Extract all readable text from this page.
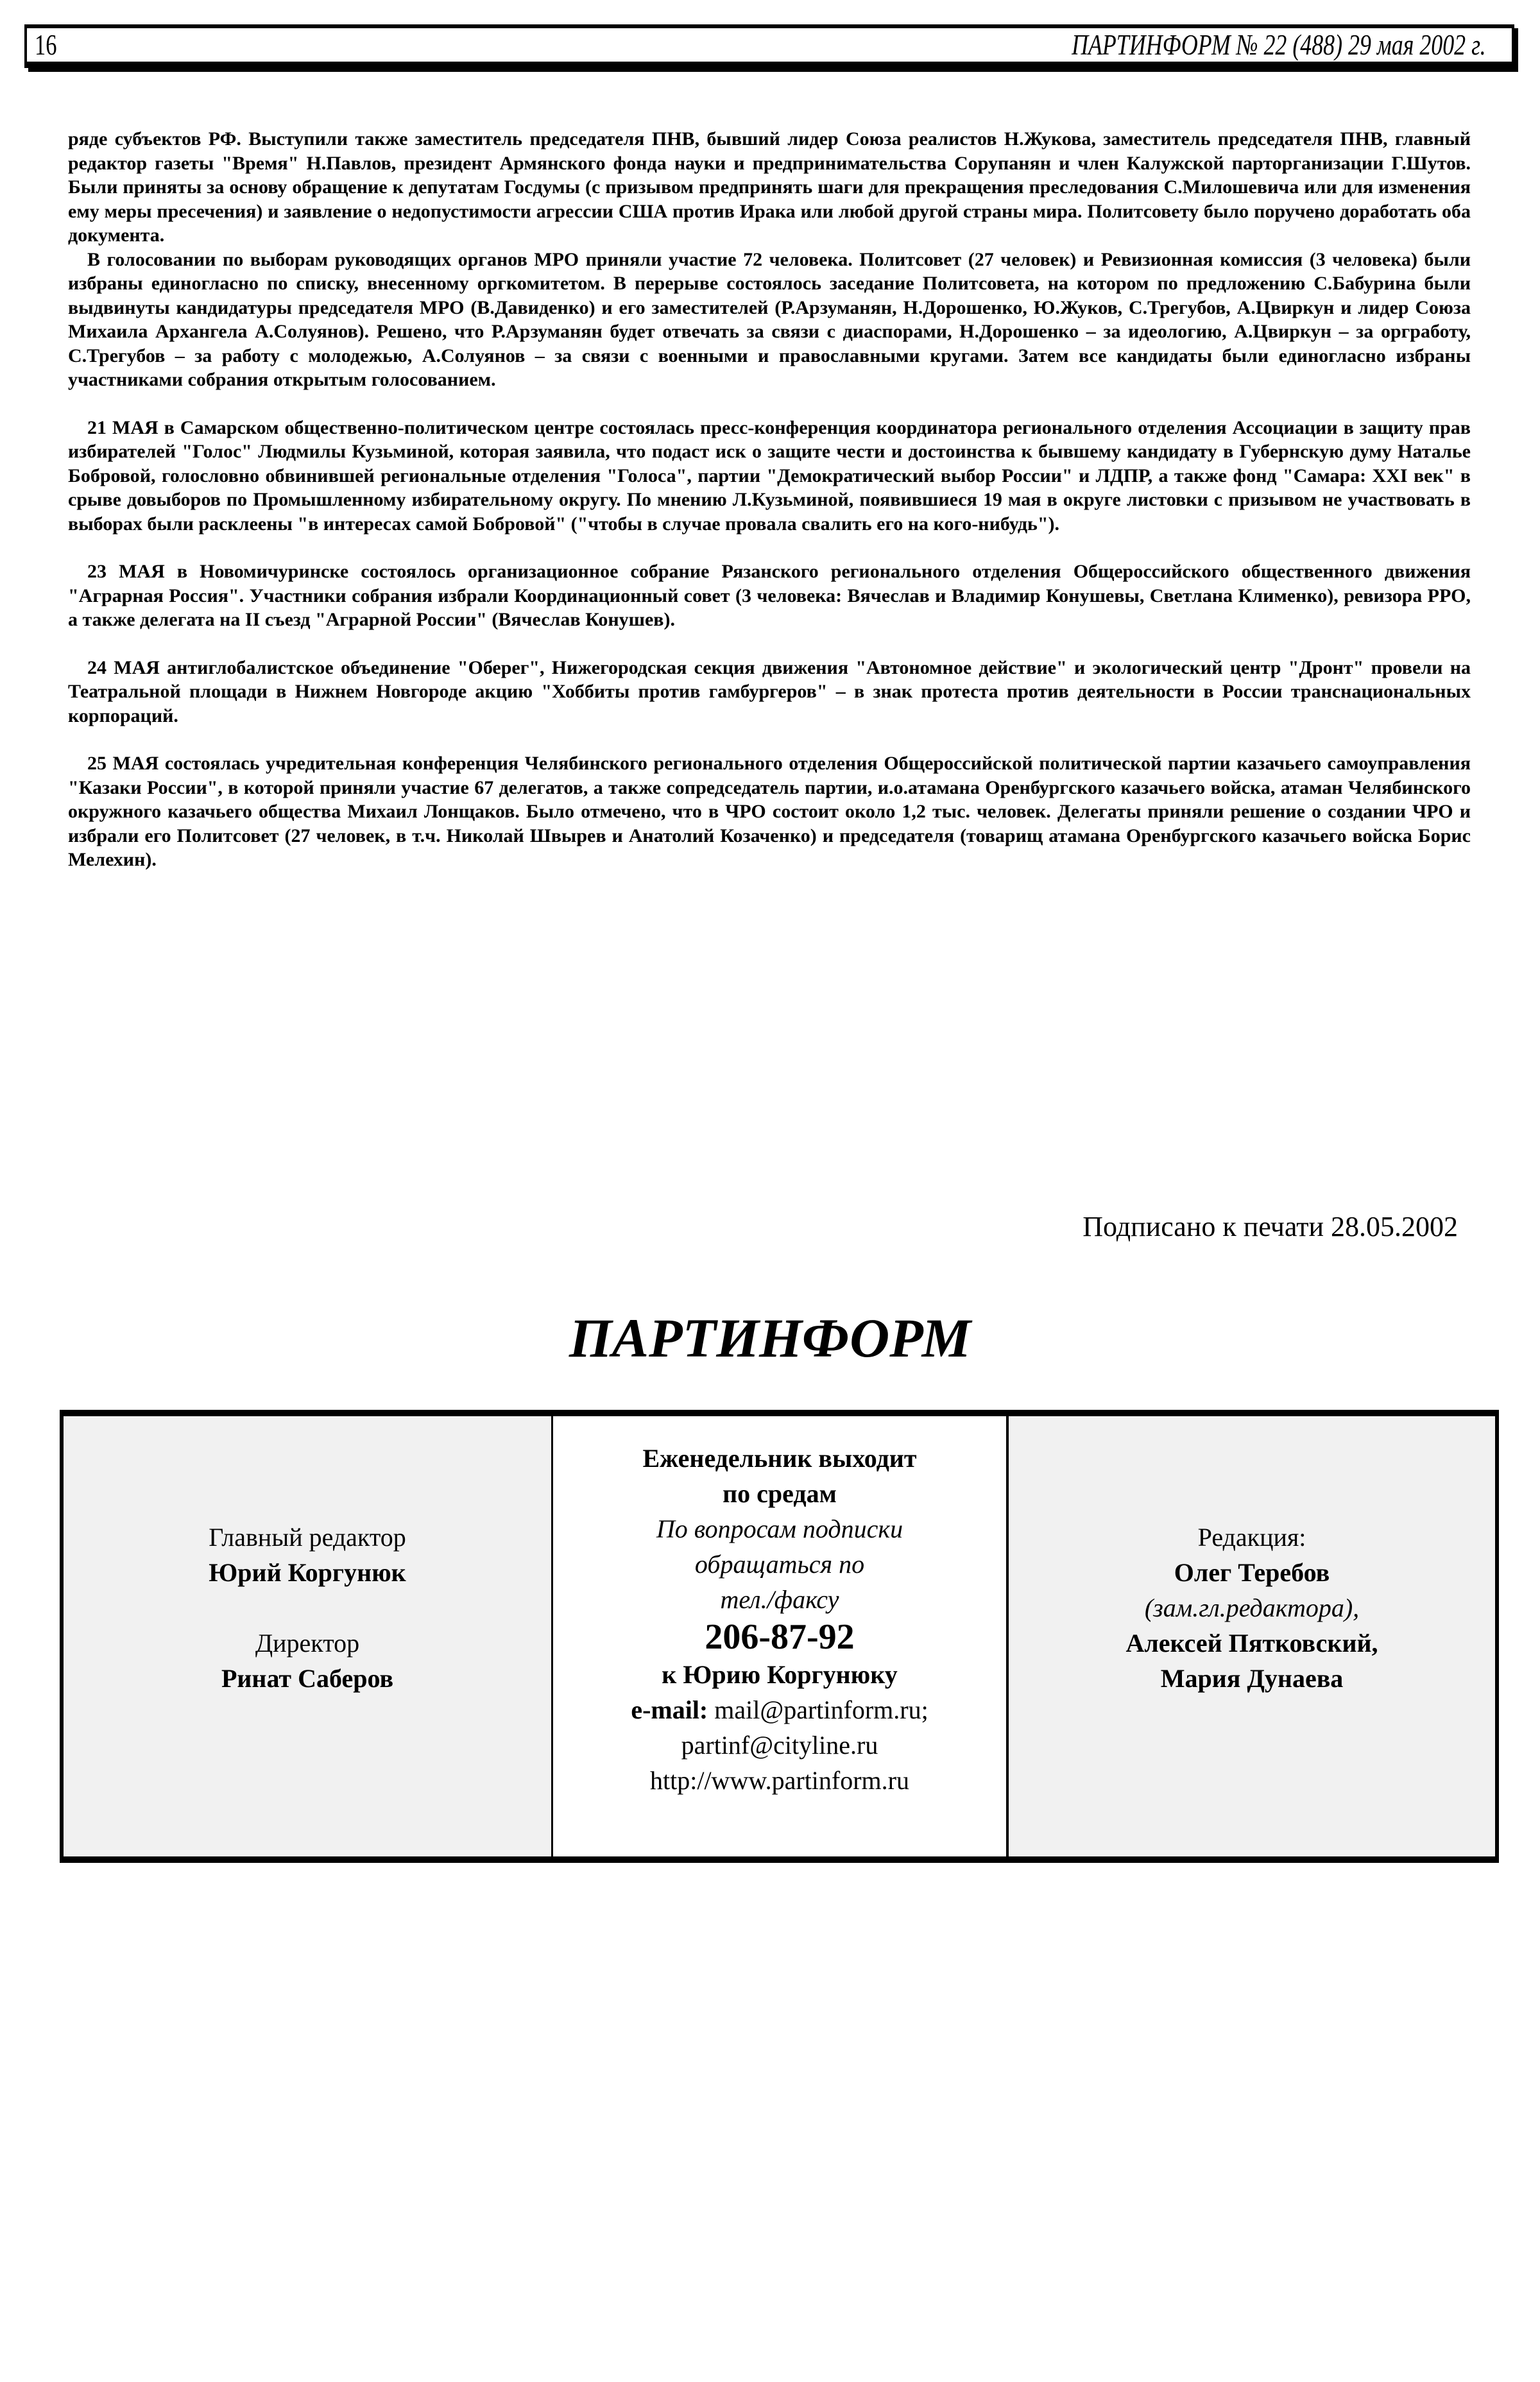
16	ПАРТИНФОРМ № 22 (488) 29 мая 2002 г.

ряде субъектов РФ. Выступили также заместитель председателя ПНВ, бывший лидер Союза реалистов Н.Жукова, заместитель председателя ПНВ, главный редактор газеты "Время" Н.Павлов, президент Армянского фонда науки и предпринимательства Сорупанян и член Калужской парторганизации Г.Шутов. Были приняты за основу обращение к депутатам Госдумы (с призывом предпринять шаги для прекращения преследования С.Милошевича или для изменения ему меры пресечения) и заявление о недопустимости агрессии США против Ирака или любой другой страны мира. Политсовету было поручено доработать оба документа.

В голосовании по выборам руководящих органов МРО приняли участие 72 человека. Политсовет (27 человек) и Ревизионная комиссия (3 человека) были избраны единогласно по списку, внесенному оргкомитетом. В перерыве состоялось заседание Политсовета, на котором по предложению С.Бабурина были выдвинуты кандидатуры председателя МРО (В.Давиденко) и его заместителей (Р.Арзуманян, Н.Дорошенко, Ю.Жуков, С.Трегубов, А.Цвиркун и лидер Союза Михаила Архангела А.Солуянов). Решено, что Р.Арзуманян будет отвечать за связи с диаспорами, Н.Дорошенко – за идеологию, А.Цвиркун – за оргработу, С.Трегубов – за работу с молодежью, А.Солуянов – за связи с военными и православными кругами. Затем все кандидаты были единогласно избраны участниками собрания открытым голосованием.

21 МАЯ в Самарском общественно-политическом центре состоялась пресс-конференция координатора регионального отделения Ассоциации в защиту прав избирателей "Голос" Людмилы Кузьминой, которая заявила, что подаст иск о защите чести и достоинства к бывшему кандидату в Губернскую думу Наталье Бобровой, голословно обвинившей региональные отделения "Голоса", партии "Демократический выбор России" и ЛДПР, а также фонд "Самара: XXI век" в срыве довыборов по Промышленному избирательному округу. По мнению Л.Кузьминой, появившиеся 19 мая в округе листовки с призывом не участвовать в выборах были расклеены "в интересах самой Бобровой" ("чтобы в случае провала свалить его на кого-нибудь").

23 МАЯ в Новомичуринске состоялось организационное собрание Рязанского регионального отделения Общероссийского общественного движения "Аграрная Россия". Участники собрания избрали Координационный совет (3 человека: Вячеслав и Владимир Конушевы, Светлана Клименко), ревизора РРО, а также делегата на II съезд "Аграрной России" (Вячеслав Конушев).

24 МАЯ антиглобалистское объединение "Оберег", Нижегородская секция движения "Автономное действие" и экологический центр "Дронт" провели на Театральной площади в Нижнем Новгороде акцию "Хоббиты против гамбургеров" – в знак протеста против деятельности в России транснациональных корпораций.

25 МАЯ состоялась учредительная конференция Челябинского регионального отделения Общероссийской политической партии казачьего самоуправления "Казаки России", в которой приняли участие 67 делегатов, а также сопредседатель партии, и.о.атамана Оренбургского казачьего войска, атаман Челябинского окружного казачьего общества Михаил Лонщаков. Было отмечено, что в ЧРО состоит около 1,2 тыс. человек. Делегаты приняли решение о создании ЧРО и избрали его Политсовет (27 человек, в т.ч. Николай Швырев и Анатолий Козаченко) и председателя (товарищ атамана Оренбургского казачьего войска Борис Мелехин).

Подписано к печати 28.05.2002
ПАРТИНФОРМ
Главный редактор
Юрий Коргунюк
Директор
Ринат Саберов
Еженедельник выходит
по средам
По вопросам подписки
обращаться по
тел./факсу
206-87-92
к Юрию Коргунюку
e-mail: mail@partinform.ru;
partinf@cityline.ru
http://www.partinform.ru
Редакция:
Олег Теребов
(зам.гл.редактора),
Алексей Пятковский,
Мария Дунаева
